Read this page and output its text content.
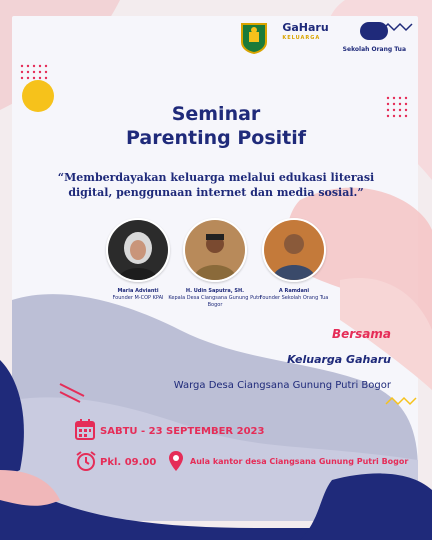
GaHaru
KELUARGA
Sekolah Orang Tua
Seminar
Parenting Positif
“Memberdayakan keluarga melalui edukasi literasi digital, penggunaan internet dan media sosial.”
Maria Advianti
Founder M-COP KPAI
H. Udin Saputra, SH.
Kepala Desa Ciangsana Gunung Putri Bogor
A Ramdani
Founder Sekolah Orang Tua
Bersama
Keluarga Gaharu
Warga Desa Ciangsana Gunung Putri Bogor
SABTU - 23 SEPTEMBER 2023
Pkl. 09.00	Aula kantor desa Ciangsana Gunung Putri Bogor
